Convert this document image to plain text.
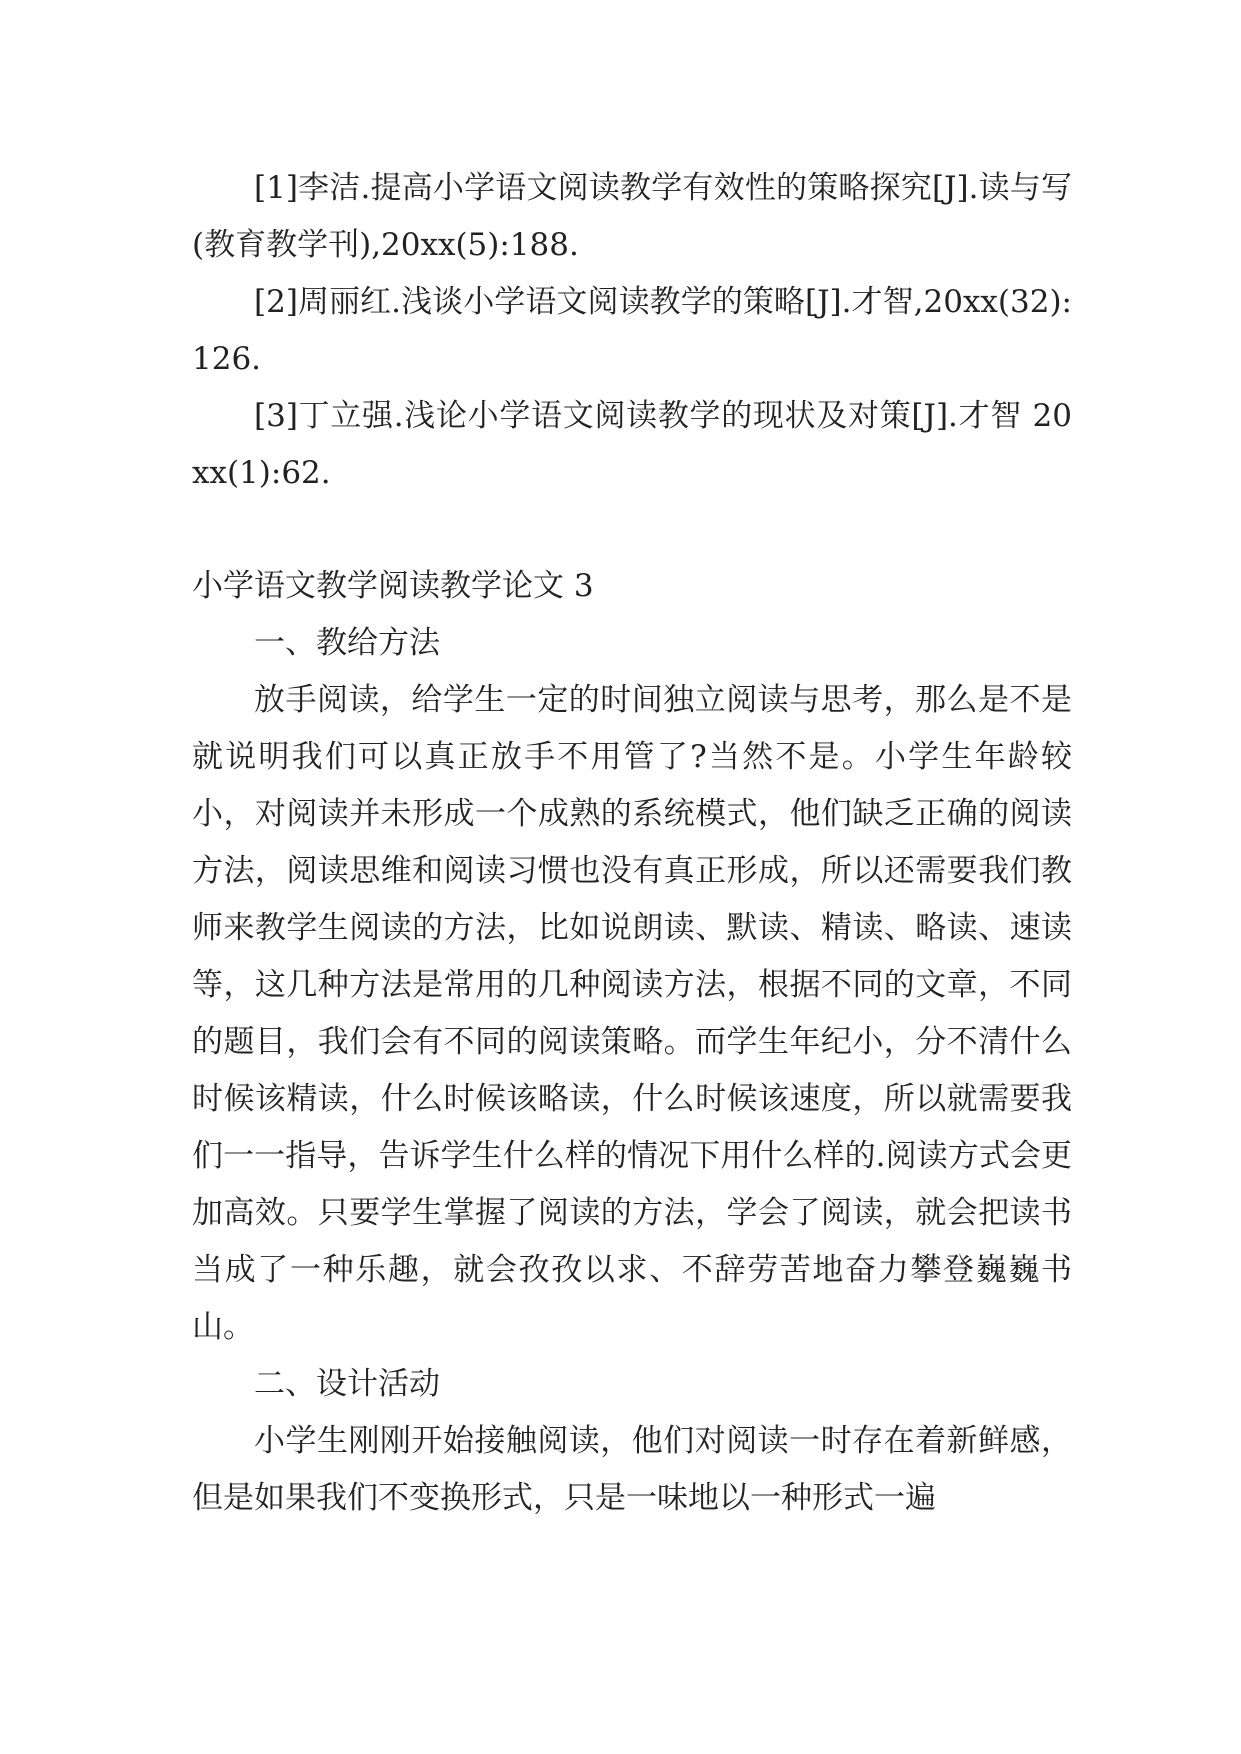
[1]李洁.提高小学语文阅读教学有效性的策略探究[J].读与写(教育教学刊),20xx(5):188.

[2]周丽红.浅谈小学语文阅读教学的策略[J].才智,20xx(32):126.

[3]丁立强.浅论小学语文阅读教学的现状及对策[J].才智 20xx(1):62.

小学语文教学阅读教学论文 3

一、教给方法

放手阅读，给学生一定的时间独立阅读与思考，那么是不是就说明我们可以真正放手不用管了?当然不是。小学生年龄较小，对阅读并未形成一个成熟的系统模式，他们缺乏正确的阅读方法，阅读思维和阅读习惯也没有真正形成，所以还需要我们教师来教学生阅读的方法，比如说朗读、默读、精读、略读、速读等，这几种方法是常用的几种阅读方法，根据不同的文章，不同的题目，我们会有不同的阅读策略。而学生年纪小，分不清什么时候该精读，什么时候该略读，什么时候该速度，所以就需要我们一一指导，告诉学生什么样的情况下用什么样的.阅读方式会更加高效。只要学生掌握了阅读的方法，学会了阅读，就会把读书当成了一种乐趣，就会孜孜以求、不辞劳苦地奋力攀登巍巍书山。

二、设计活动

小学生刚刚开始接触阅读，他们对阅读一时存在着新鲜感，但是如果我们不变换形式，只是一味地以一种形式一遍
